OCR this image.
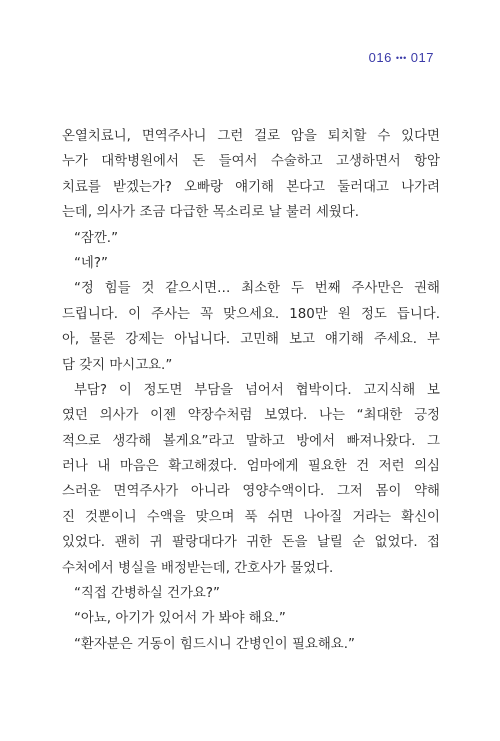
016 ••• 017
온열치료니, 면역주사니 그런 걸로 암을 퇴치할 수 있다면
누가 대학병원에서 돈 들여서 수술하고 고생하면서 항암
치료를 받겠는가? 오빠랑 얘기해 본다고 둘러대고 나가려
는데, 의사가 조금 다급한 목소리로 날 불러 세웠다.
“잠깐.”
“네?”
“정 힘들 것 같으시면… 최소한 두 번째 주사만은 권해
드립니다. 이 주사는 꼭 맞으세요. 180만 원 정도 듭니다.
아, 물론 강제는 아닙니다. 고민해 보고 얘기해 주세요. 부
담 갖지 마시고요.”
부담? 이 정도면 부담을 넘어서 협박이다. 고지식해 보
였던 의사가 이젠 약장수처럼 보였다. 나는 “최대한 긍정
적으로 생각해 볼게요”라고 말하고 방에서 빠져나왔다. 그
러나 내 마음은 확고해졌다. 엄마에게 필요한 건 저런 의심
스러운 면역주사가 아니라 영양수액이다. 그저 몸이 약해
진 것뿐이니 수액을 맞으며 푹 쉬면 나아질 거라는 확신이
있었다. 괜히 귀 팔랑대다가 귀한 돈을 날릴 순 없었다. 접
수처에서 병실을 배정받는데, 간호사가 물었다.
“직접 간병하실 건가요?”
“아뇨, 아기가 있어서 가 봐야 해요.”
“환자분은 거동이 힘드시니 간병인이 필요해요.”
